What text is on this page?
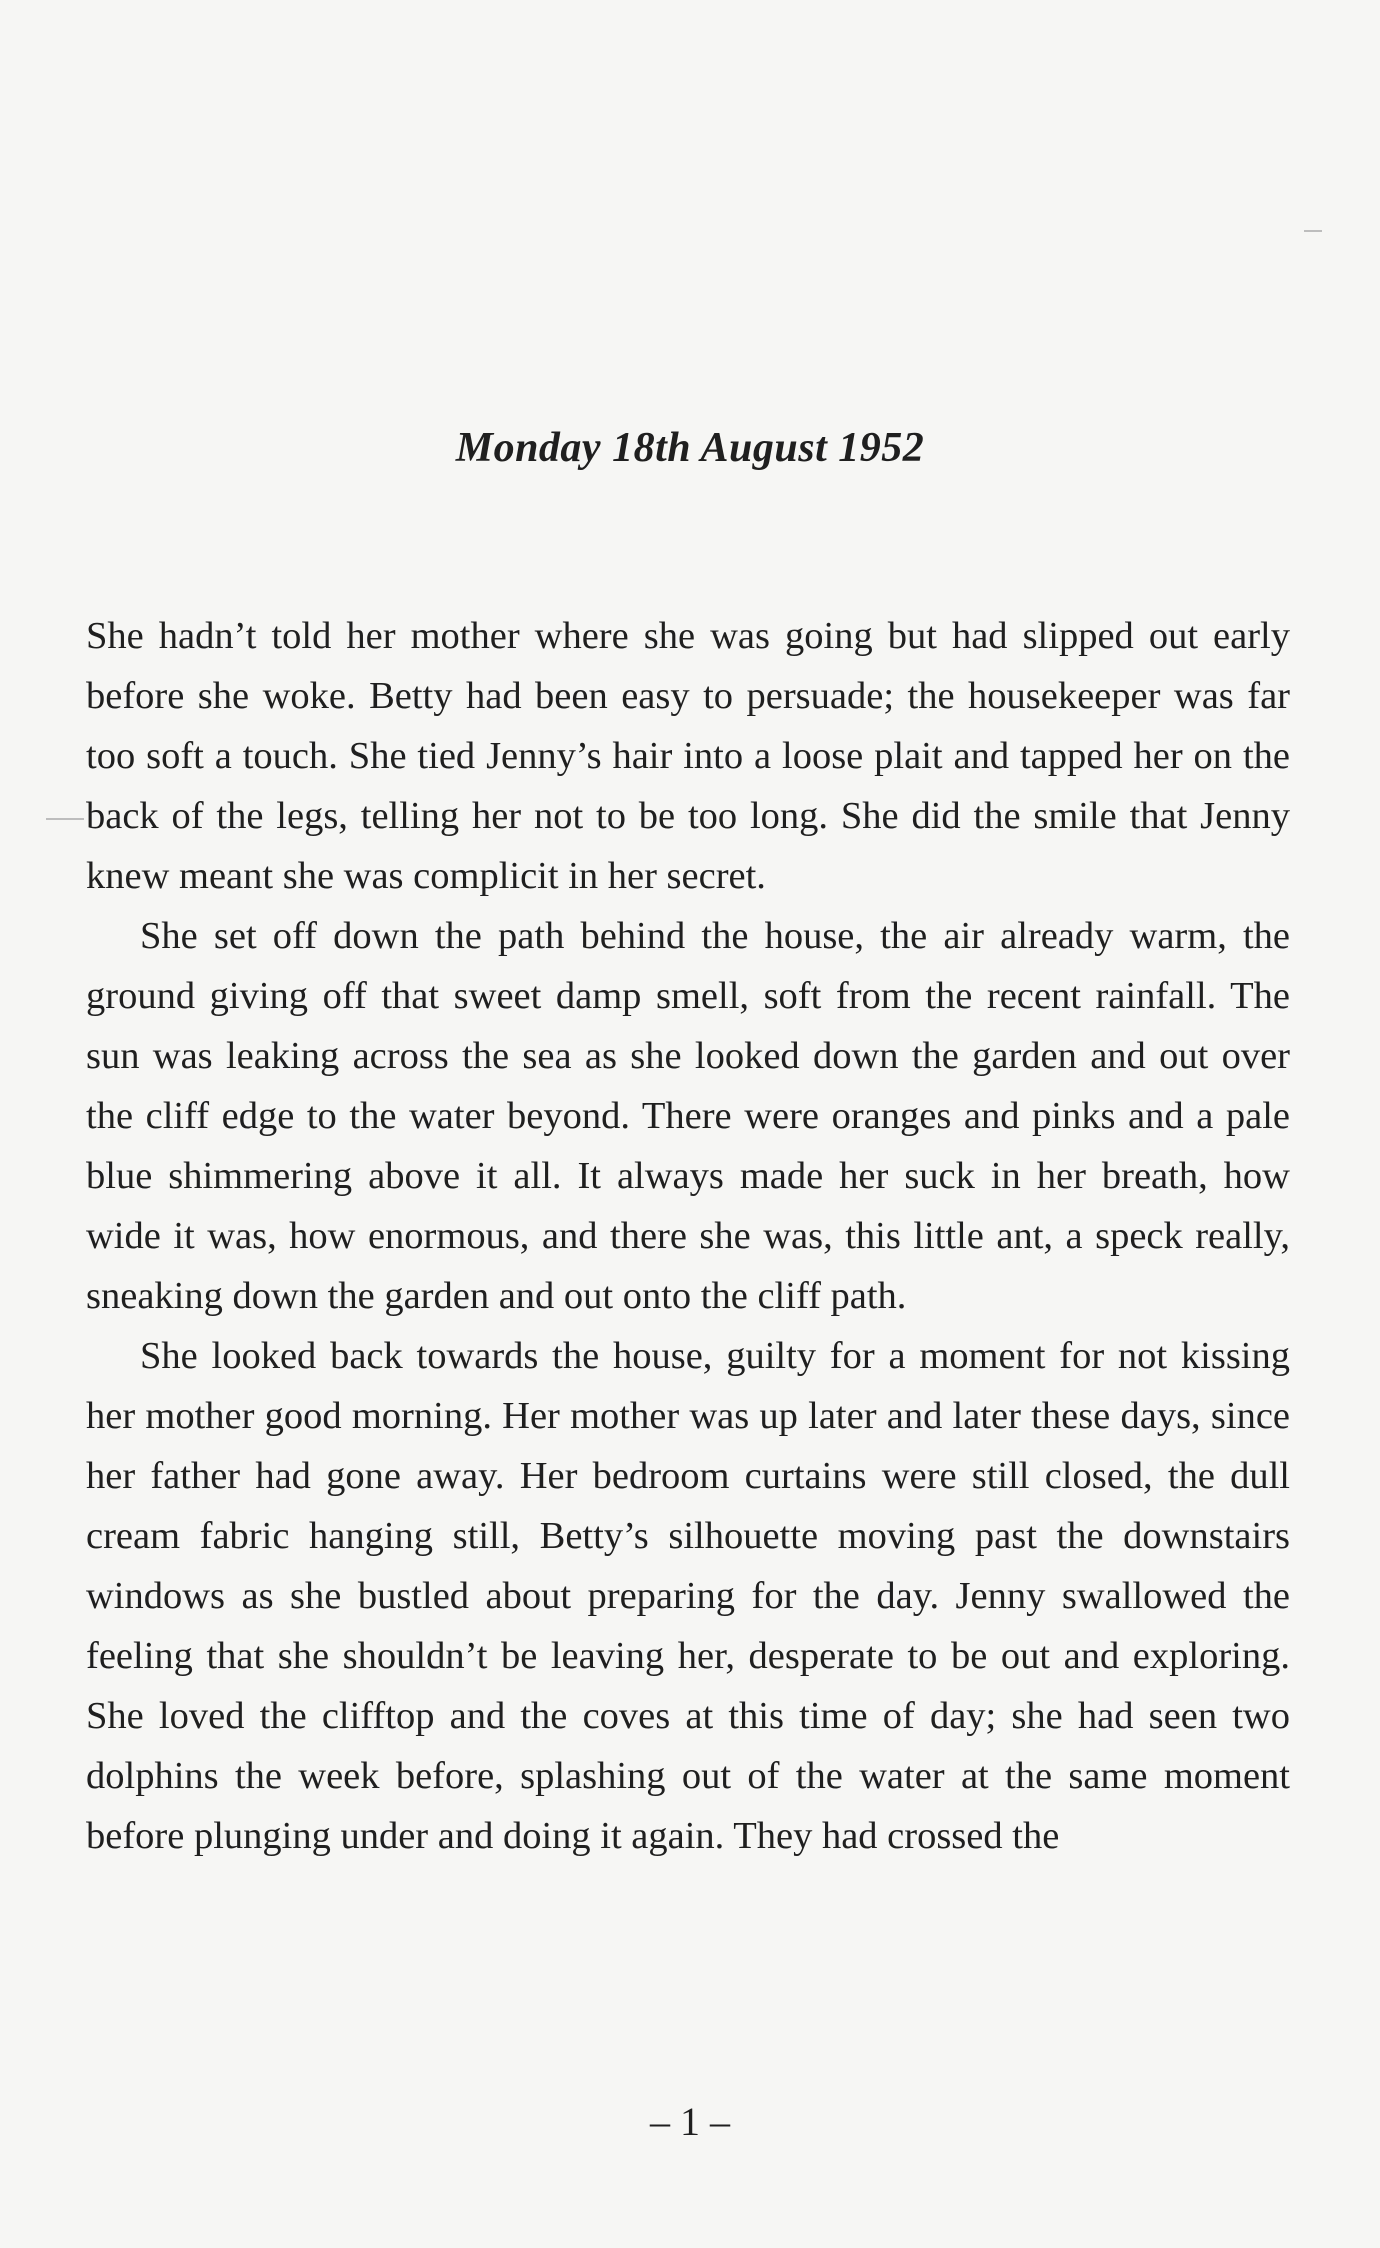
Monday 18th August 1952

She hadn’t told her mother where she was going but had slipped out early before she woke. Betty had been easy to persuade; the housekeeper was far too soft a touch. She tied Jenny’s hair into a loose plait and tapped her on the back of the legs, telling her not to be too long. She did the smile that Jenny knew meant she was complicit in her secret.

She set off down the path behind the house, the air already warm, the ground giving off that sweet damp smell, soft from the recent rainfall. The sun was leaking across the sea as she looked down the garden and out over the cliff edge to the water beyond. There were oranges and pinks and a pale blue shimmering above it all. It always made her suck in her breath, how wide it was, how enormous, and there she was, this little ant, a speck really, sneaking down the garden and out onto the cliff path.

She looked back towards the house, guilty for a moment for not kissing her mother good morning. Her mother was up later and later these days, since her father had gone away. Her bedroom curtains were still closed, the dull cream fabric hanging still, Betty’s silhouette moving past the downstairs windows as she bustled about preparing for the day. Jenny swallowed the feeling that she shouldn’t be leaving her, desperate to be out and exploring. She loved the clifftop and the coves at this time of day; she had seen two dolphins the week before, splashing out of the water at the same moment before plunging under and doing it again. They had crossed the

– 1 –
